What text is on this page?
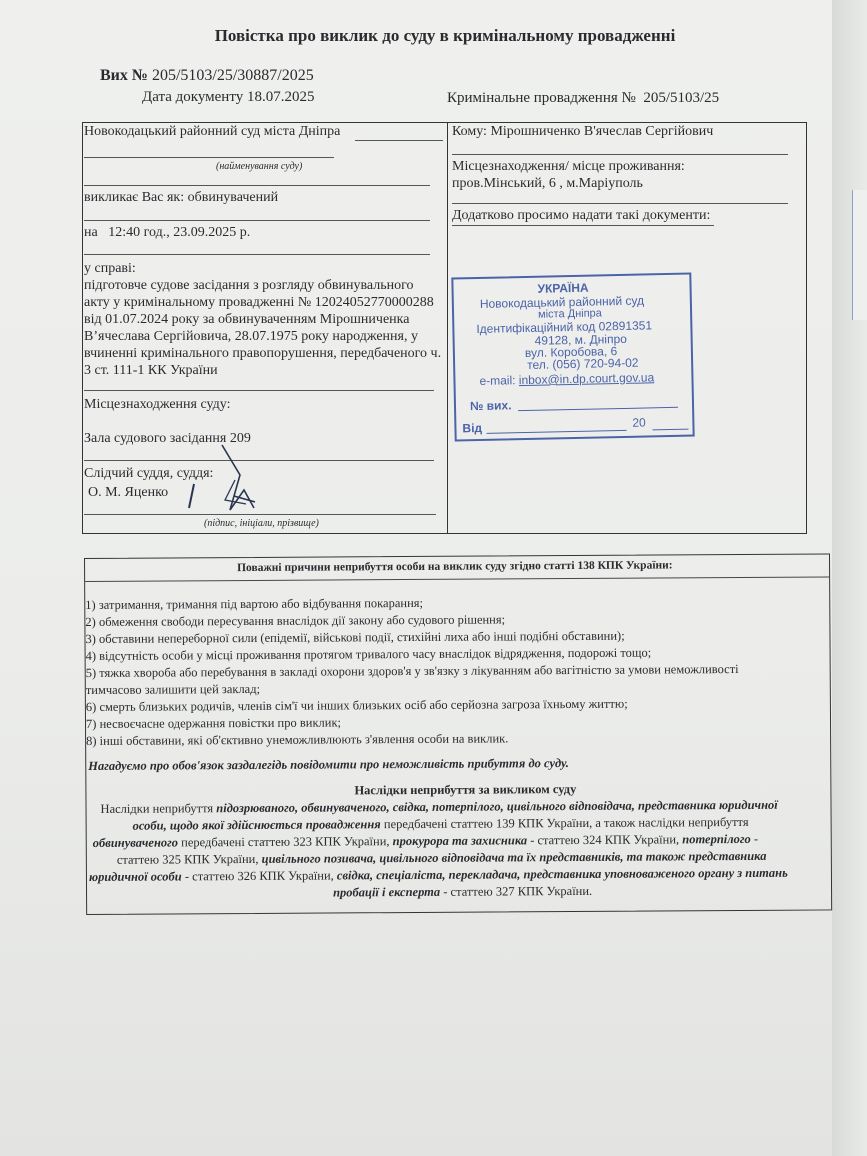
Повістка про виклик до суду в кримінальному провадженні
Вих № 205/5103/25/30887/2025
Дата документу 18.07.2025	Кримінальне провадження № 205/5103/25
Новокодацький районний суд міста Дніпра
(найменування суду)
викликає Вас як: обвинувачений
на 12:40 год., 23.09.2025 р.
у справі:
підготовче судове засідання з розгляду обвинувального
акту у кримінальному провадженні № 12024052770000288
від 01.07.2024 року за обвинуваченням Мірошниченка
В’ячеслава Сергійовича, 28.07.1975 року народження, у
вчиненні кримінального правопорушення, передбаченого ч.
3 ст. 111-1 КК України
Місцезнаходження суду:
Зала судового засідання 209
Слідчий суддя, суддя:
О. М. Яценко
(підпис, ініціали, прізвище)
Кому: Мірошниченко В'ячеслав Сергійович
Місцезнаходження/ місце проживання:
пров.Мінський, 6 , м.Маріуполь
Додатково просимо надати такі документи:
УКРАЇНА
Новокодацький районний суд
міста Дніпра
Ідентифікаційний код 02891351
49128, м. Дніпро
вул. Коробова, 6
тел. (056) 720-94-02
e-mail: inbox@in.dp.court.gov.ua
№ вих.
Від	20
Поважні причини неприбуття особи на виклик суду згідно статті 138 КПК України:
1) затримання, тримання під вартою або відбування покарання;
2) обмеження свободи пересування внаслідок дії закону або судового рішення;
3) обставини непереборної сили (епідемії, військові події, стихійні лиха або інші подібні обставини);
4) відсутність особи у місці проживання протягом тривалого часу внаслідок відрядження, подорожі тощо;
5) тяжка хвороба або перебування в закладі охорони здоров'я у зв'язку з лікуванням або вагітністю за умови неможливості
тимчасово залишити цей заклад;
6) смерть близьких родичів, членів сім'ї чи інших близьких осіб або серйозна загроза їхньому життю;
7) несвоєчасне одержання повістки про виклик;
8) інші обставини, які об'єктивно унеможливлюють з'явлення особи на виклик.
Нагадуємо про обов'язок заздалегідь повідомити про неможливість прибуття до суду.
Наслідки неприбуття за викликом суду
Наслідки неприбуття підозрюваного, обвинуваченого, свідка, потерпілого, цивільного відповідача, представника юридичної
особи, щодо якої здійснюється провадження передбачені статтею 139 КПК України, а також наслідки неприбуття
обвинуваченого передбачені статтею 323 КПК України, прокурора та захисника - статтею 324 КПК України, потерпілого -
статтею 325 КПК України, цивільного позивача, цивільного відповідача та їх представників, та також представника
юридичної особи - статтею 326 КПК України, свідка, спеціаліста, перекладача, представника уповноваженого органу з питань
пробації і експерта - статтею 327 КПК України.
